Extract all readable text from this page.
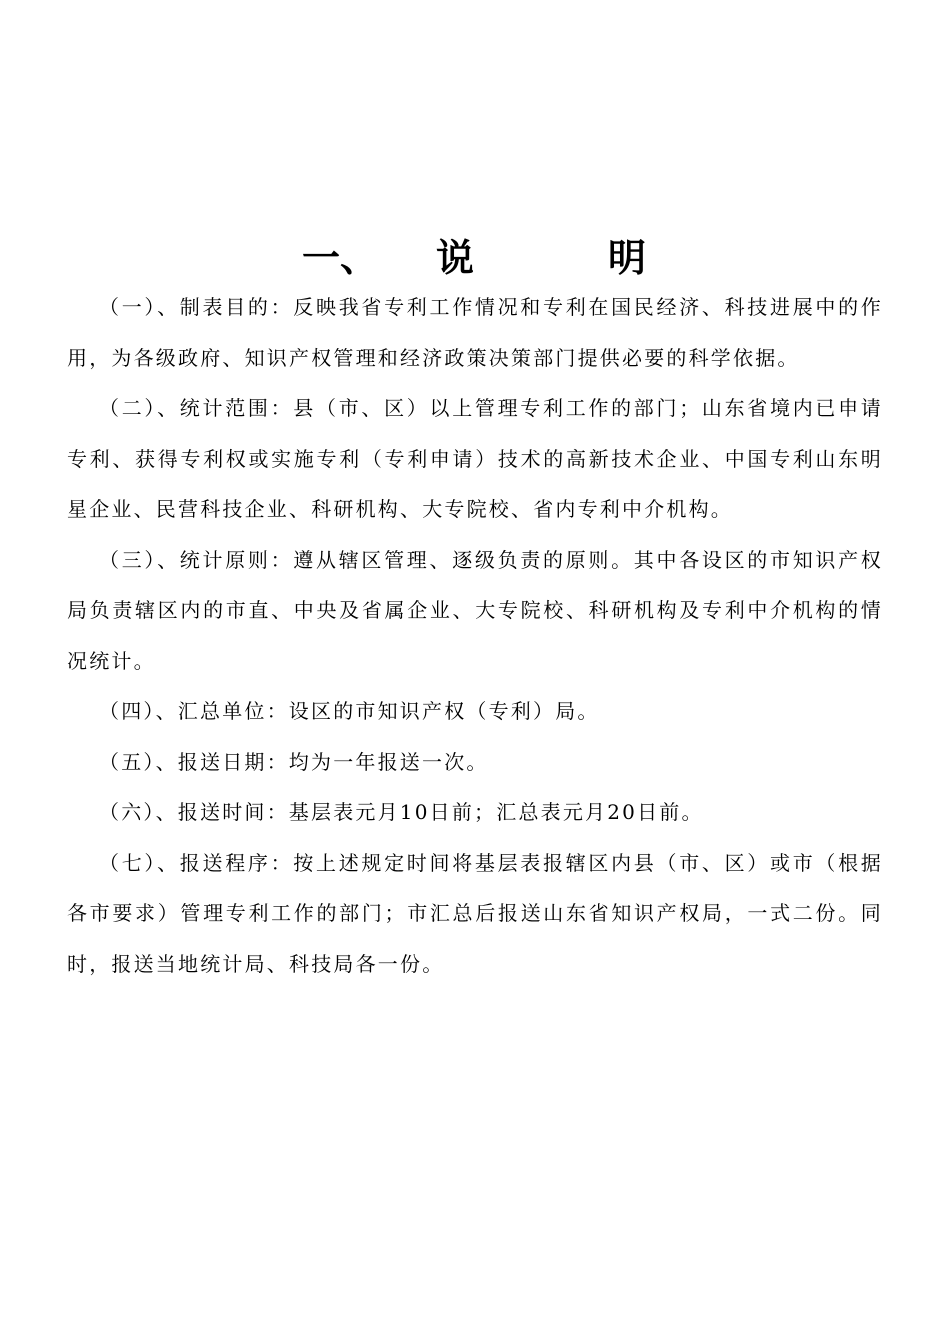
一、 说	明

（一）、制表目的：反映我省专利工作情况和专利在国民经济、科技进展中的作用，为各级政府、知识产权管理和经济政策决策部门提供必要的科学依据。

（二）、统计范围：县（市、区）以上管理专利工作的部门；山东省境内已申请专利、获得专利权或实施专利（专利申请）技术的高新技术企业、中国专利山东明星企业、民营科技企业、科研机构、大专院校、省内专利中介机构。

（三）、统计原则：遵从辖区管理、逐级负责的原则。其中各设区的市知识产权局负责辖区内的市直、中央及省属企业、大专院校、科研机构及专利中介机构的情况统计。

（四）、汇总单位：设区的市知识产权（专利）局。

（五）、报送日期：均为一年报送一次。

（六）、报送时间：基层表元月10日前；汇总表元月20日前。

（七）、报送程序：按上述规定时间将基层表报辖区内县（市、区）或市（根据各市要求）管理专利工作的部门；市汇总后报送山东省知识产权局，一式二份。同时，报送当地统计局、科技局各一份。
